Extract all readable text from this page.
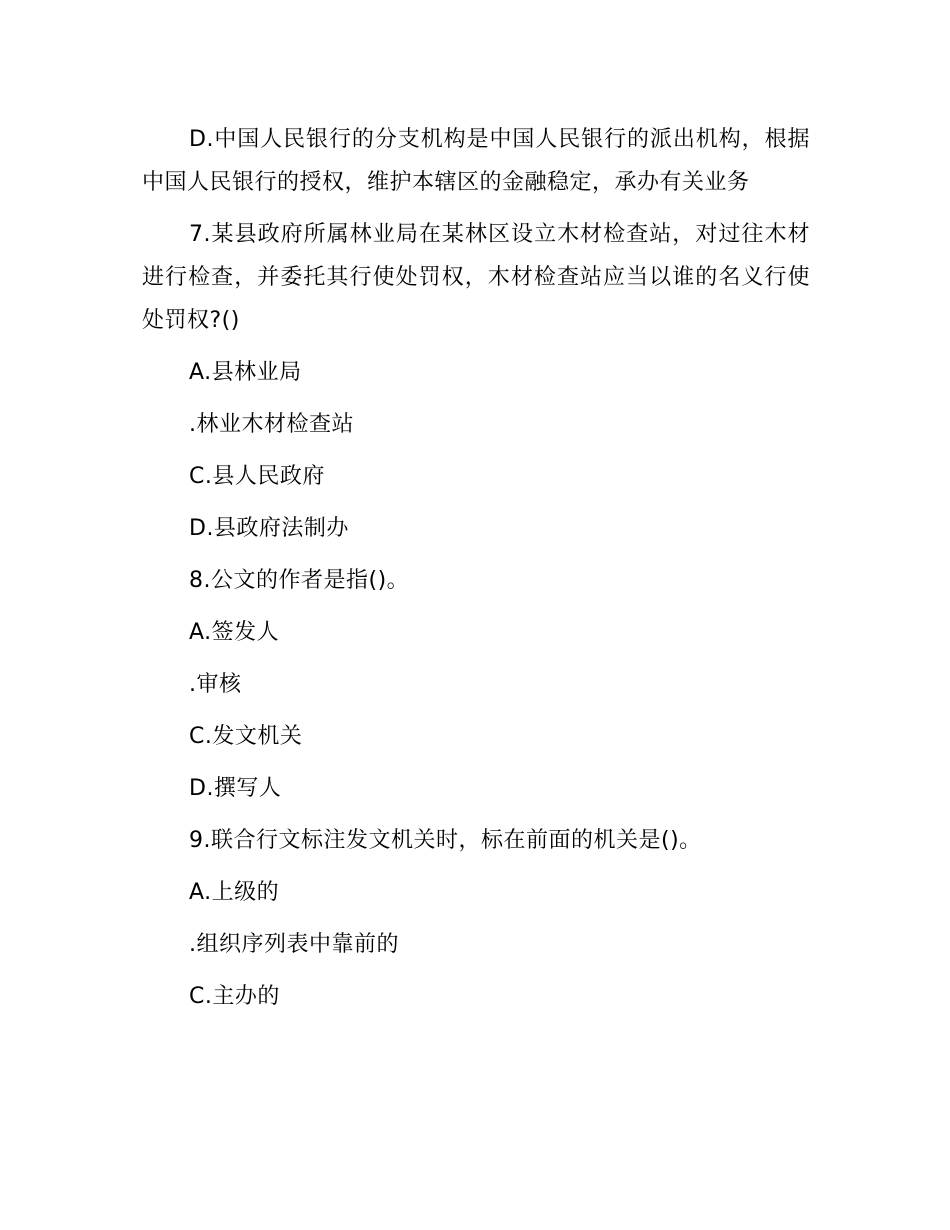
D.中国人民银行的分支机构是中国人民银行的派出机构，根据中国人民银行的授权，维护本辖区的金融稳定，承办有关业务

7.某县政府所属林业局在某林区设立木材检查站，对过往木材进行检查，并委托其行使处罚权，木材检查站应当以谁的名义行使处罚权?()

A.县林业局

.林业木材检查站

C.县人民政府

D.县政府法制办

8.公文的作者是指()。

A.签发人

.审核

C.发文机关

D.撰写人

9.联合行文标注发文机关时，标在前面的机关是()。

A.上级的

.组织序列表中靠前的

C.主办的
